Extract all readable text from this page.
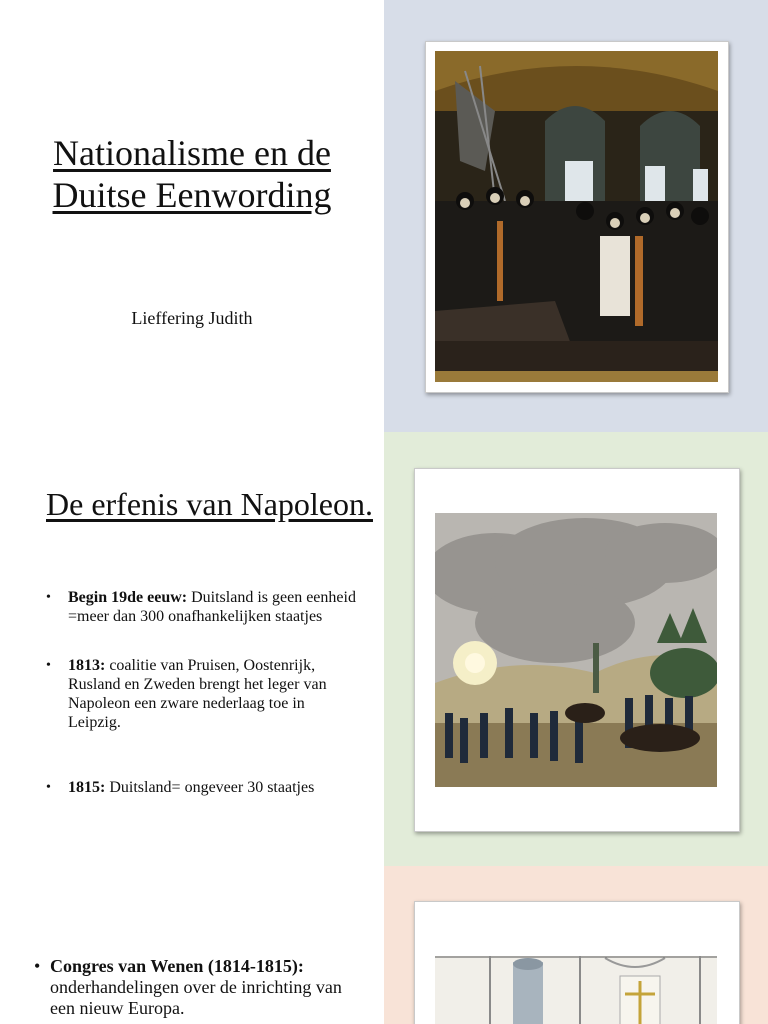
Nationalisme en de Duitse Eenwording
Lieffering Judith
De erfenis van Napoleon.
• Begin 19de eeuw: Duitsland is geen eenheid =meer dan 300 onafhankelijken staatjes
• 1813: coalitie van Pruisen, Oostenrijk, Rusland en Zweden brengt het leger van Napoleon een zware nederlaag toe in Leipzig.
• 1815: Duitsland= ongeveer 30 staatjes
• Congres van Wenen (1814-1815): onderhandelingen over de inrichting van een nieuw Europa.
